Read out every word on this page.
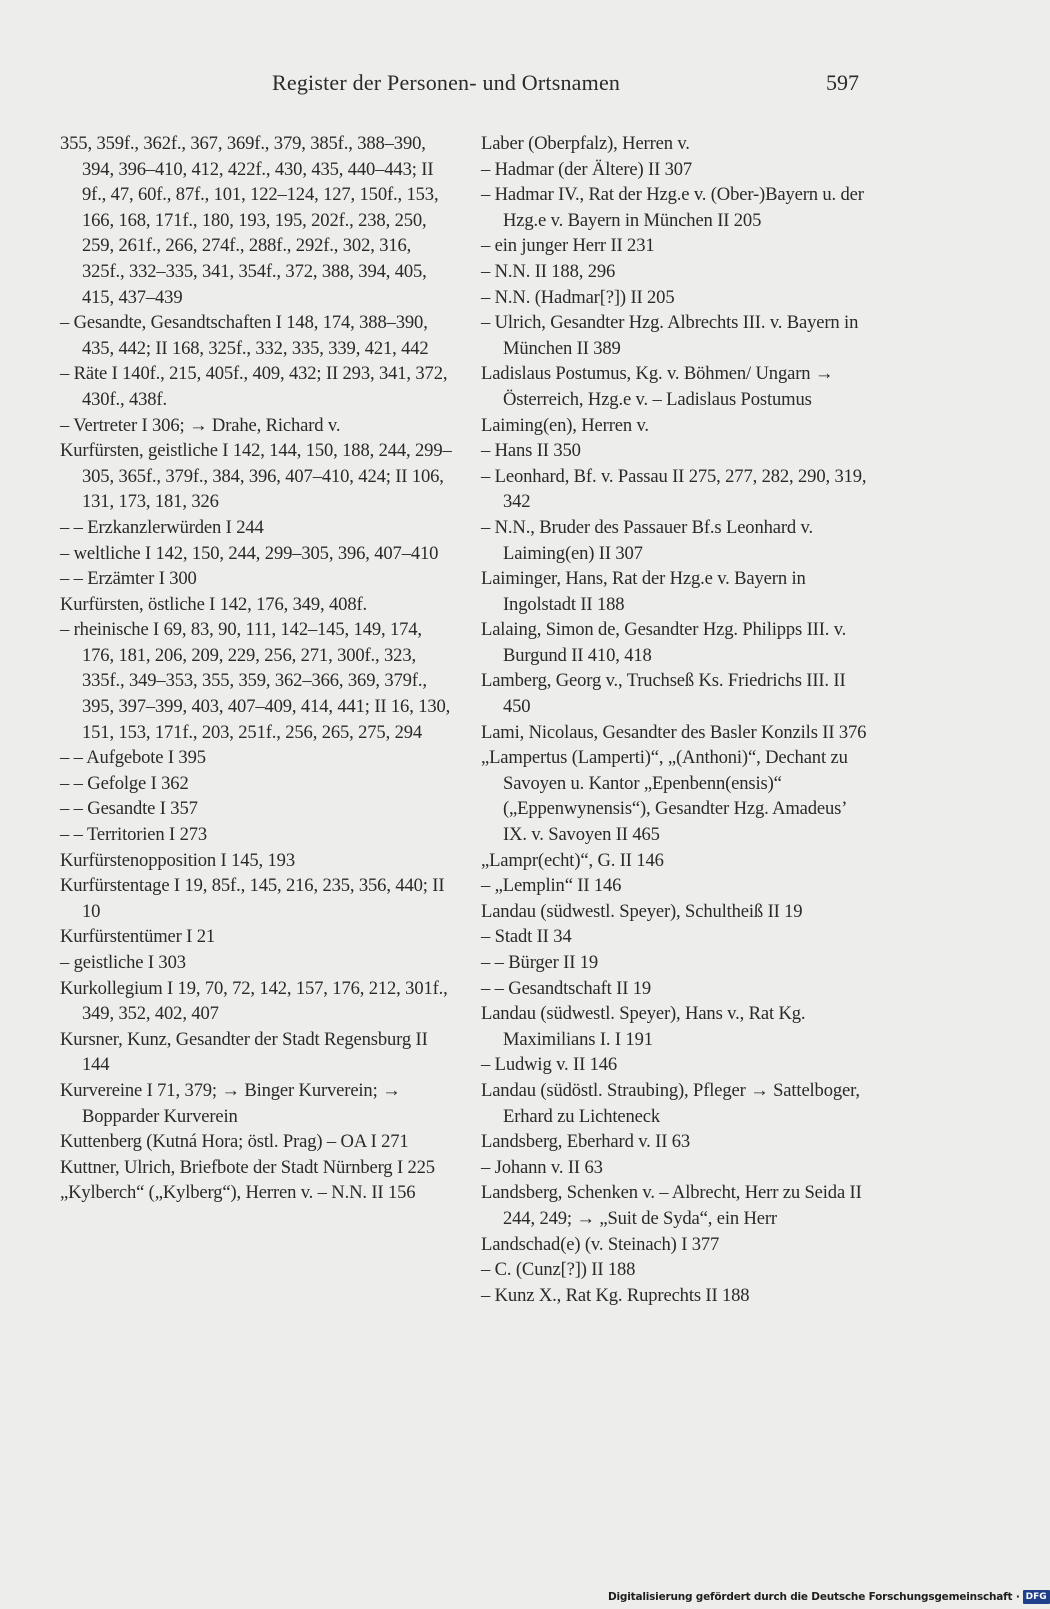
Register der Personen- und Ortsnamen	597
355, 359f., 362f., 367, 369f., 379, 385f., 388–390, 394, 396–410, 412, 422f., 430, 435, 440–443; II 9f., 47, 60f., 87f., 101, 122–124, 127, 150f., 153, 166, 168, 171f., 180, 193, 195, 202f., 238, 250, 259, 261f., 266, 274f., 288f., 292f., 302, 316, 325f., 332–335, 341, 354f., 372, 388, 394, 405, 415, 437–439
– Gesandte, Gesandtschaften I 148, 174, 388–390, 435, 442; II 168, 325f., 332, 335, 339, 421, 442
– Räte I 140f., 215, 405f., 409, 432; II 293, 341, 372, 430f., 438f.
– Vertreter I 306; → Drahe, Richard v.
Kurfürsten, geistliche I 142, 144, 150, 188, 244, 299–305, 365f., 379f., 384, 396, 407–410, 424; II 106, 131, 173, 181, 326
– – Erzkanzlerwürden I 244
– weltliche I 142, 150, 244, 299–305, 396, 407–410
– – Erzämter I 300
Kurfürsten, östliche I 142, 176, 349, 408f.
– rheinische I 69, 83, 90, 111, 142–145, 149, 174, 176, 181, 206, 209, 229, 256, 271, 300f., 323, 335f., 349–353, 355, 359, 362–366, 369, 379f., 395, 397–399, 403, 407–409, 414, 441; II 16, 130, 151, 153, 171f., 203, 251f., 256, 265, 275, 294
– – Aufgebote I 395
– – Gefolge I 362
– – Gesandte I 357
– – Territorien I 273
Kurfürstenopposition I 145, 193
Kurfürstentage I 19, 85f., 145, 216, 235, 356, 440; II 10
Kurfürstentümer I 21
– geistliche I 303
Kurkollegium I 19, 70, 72, 142, 157, 176, 212, 301f., 349, 352, 402, 407
Kursner, Kunz, Gesandter der Stadt Regensburg II 144
Kurvereine I 71, 379; → Binger Kurverein; → Bopparder Kurverein
Kuttenberg (Kutná Hora; östl. Prag) – OA I 271
Kuttner, Ulrich, Briefbote der Stadt Nürnberg I 225
„Kylberch“ („Kylberg“), Herren v. – N.N. II 156
Laber (Oberpfalz), Herren v.
– Hadmar (der Ältere) II 307
– Hadmar IV., Rat der Hzg.e v. (Ober-)Bayern u. der Hzg.e v. Bayern in München II 205
– ein junger Herr II 231
– N.N. II 188, 296
– N.N. (Hadmar[?]) II 205
– Ulrich, Gesandter Hzg. Albrechts III. v. Bayern in München II 389
Ladislaus Postumus, Kg. v. Böhmen/ Ungarn → Österreich, Hzg.e v. – Ladislaus Postumus
Laiming(en), Herren v.
– Hans II 350
– Leonhard, Bf. v. Passau II 275, 277, 282, 290, 319, 342
– N.N., Bruder des Passauer Bf.s Leonhard v. Laiming(en) II 307
Laiminger, Hans, Rat der Hzg.e v. Bayern in Ingolstadt II 188
Lalaing, Simon de, Gesandter Hzg. Philipps III. v. Burgund II 410, 418
Lamberg, Georg v., Truchseß Ks. Friedrichs III. II 450
Lami, Nicolaus, Gesandter des Basler Konzils II 376
„Lampertus (Lamperti)“, „(Anthoni)“, Dechant zu Savoyen u. Kantor „Epenbenn(ensis)“ („Eppenwynensis“), Gesandter Hzg. Amadeus’ IX. v. Savoyen II 465
„Lampr(echt)“, G. II 146
– „Lemplin“ II 146
Landau (südwestl. Speyer), Schultheiß II 19
– Stadt II 34
– – Bürger II 19
– – Gesandtschaft II 19
Landau (südwestl. Speyer), Hans v., Rat Kg. Maximilians I. I 191
– Ludwig v. II 146
Landau (südöstl. Straubing), Pfleger → Sattelboger, Erhard zu Lichteneck
Landsberg, Eberhard v. II 63
– Johann v. II 63
Landsberg, Schenken v. – Albrecht, Herr zu Seida II 244, 249; → „Suit de Syda“, ein Herr
Landschad(e) (v. Steinach) I 377
– C. (Cunz[?]) II 188
– Kunz X., Rat Kg. Ruprechts II 188
Digitalisierung gefördert durch die Deutsche Forschungsgemeinschaft · DFG
